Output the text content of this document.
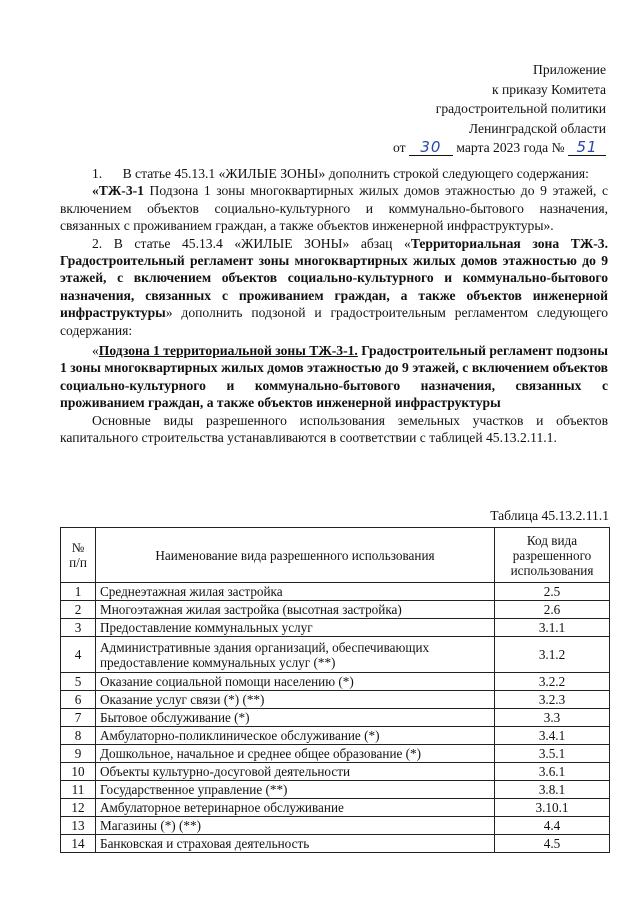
Приложение
к приказу Комитета
градостроительной политики
Ленинградской области
от 30 марта 2023 года № 51

1.      В статье 45.13.1 «ЖИЛЫЕ ЗОНЫ» дополнить строкой следующего содержания:

«ТЖ-3-1 Подзона 1 зоны многоквартирных жилых домов этажностью до 9 этажей, с включением объектов социально-культурного и коммунально-бытового назначения, связанных с проживанием граждан, а также объектов инженерной инфраструктуры».

2. В статье 45.13.4 «ЖИЛЫЕ ЗОНЫ» абзац «Территориальная зона ТЖ-3. Градостроительный регламент зоны многоквартирных жилых домов этажностью до 9 этажей, с включением объектов социально-культурного и коммунально-бытового назначения, связанных с проживанием граждан, а также объектов инженерной инфраструктуры» дополнить подзоной и градостроительным регламентом следующего содержания:

«Подзона 1 территориальной зоны ТЖ-3-1. Градостроительный регламент подзоны 1 зоны многоквартирных жилых домов этажностью до 9 этажей, с включением объектов социально-культурного и коммунально-бытового назначения, связанных с проживанием граждан, а также объектов инженерной инфраструктуры

Основные виды разрешенного использования земельных участков и объектов капитального строительства устанавливаются в соответствии с таблицей 45.13.2.11.1.

Таблица 45.13.2.11.1
№ п/п	Наименование вида разрешенного использования	Код вида разрешенного использования
1	Среднеэтажная жилая застройка	2.5
2	Многоэтажная жилая застройка (высотная застройка)	2.6
3	Предоставление коммунальных услуг	3.1.1
4	Административные здания организаций, обеспечивающих предоставление коммунальных услуг (**)	3.1.2
5	Оказание социальной помощи населению (*)	3.2.2
6	Оказание услуг связи (*) (**)	3.2.3
7	Бытовое обслуживание (*)	3.3
8	Амбулаторно-поликлиническое обслуживание (*)	3.4.1
9	Дошкольное, начальное и среднее общее образование (*)	3.5.1
10	Объекты культурно-досуговой деятельности	3.6.1
11	Государственное управление (**)	3.8.1
12	Амбулаторное ветеринарное обслуживание	3.10.1
13	Магазины (*) (**)	4.4
14	Банковская и страховая деятельность	4.5
